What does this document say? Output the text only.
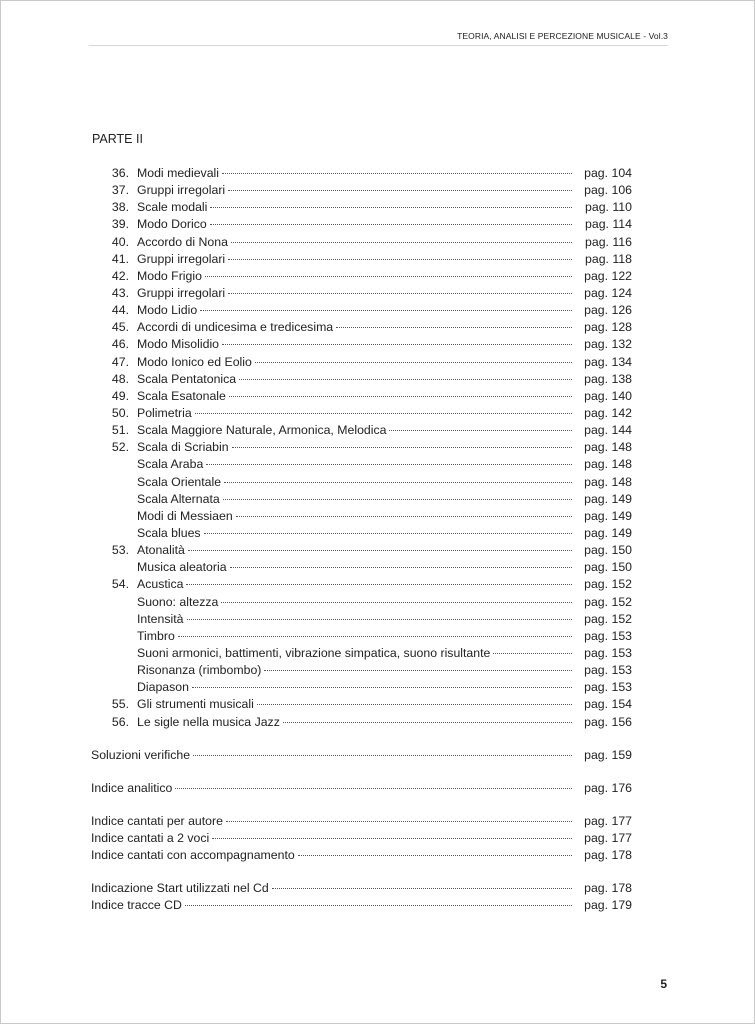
TEORIA, ANALISI E PERCEZIONE MUSICALE - Vol.3
PARTE II
36. Modi medievali	pag. 104
37. Gruppi irregolari	pag. 106
38. Scale modali	pag. 110
39. Modo Dorico	pag. 114
40. Accordo di Nona	pag. 116
41. Gruppi irregolari	pag. 118
42. Modo Frigio	pag. 122
43. Gruppi irregolari	pag. 124
44. Modo Lidio	pag. 126
45. Accordi di undicesima e tredicesima	pag. 128
46. Modo Misolidio	pag. 132
47. Modo Ionico ed Eolio	pag. 134
48. Scala Pentatonica	pag. 138
49. Scala Esatonale	pag. 140
50. Polimetria	pag. 142
51. Scala Maggiore Naturale, Armonica, Melodica	pag. 144
52. Scala di Scriabin	pag. 148
Scala Araba	pag. 148
Scala Orientale	pag. 148
Scala Alternata	pag. 149
Modi di Messiaen	pag. 149
Scala blues	pag. 149
53. Atonalità	pag. 150
Musica aleatoria	pag. 150
54. Acustica	pag. 152
Suono: altezza	pag. 152
Intensità	pag. 152
Timbro	pag. 153
Suoni armonici, battimenti, vibrazione simpatica, suono risultante	pag. 153
Risonanza (rimbombo)	pag. 153
Diapason	pag. 153
55. Gli strumenti musicali	pag. 154
56. Le sigle nella musica Jazz	pag. 156
Soluzioni verifiche	pag. 159
Indice analitico	pag. 176
Indice cantati per autore	pag. 177
Indice cantati a 2 voci	pag. 177
Indice cantati con accompagnamento	pag. 178
Indicazione Start utilizzati nel Cd	pag. 178
Indice tracce CD	pag. 179
5
